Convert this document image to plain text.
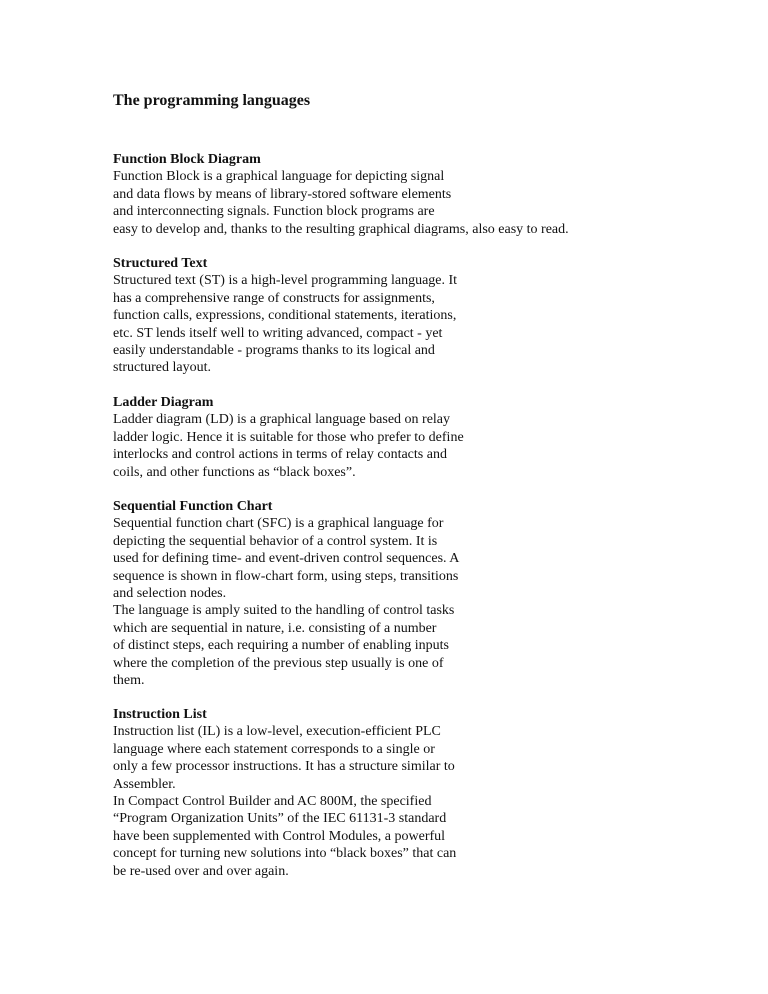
The programming languages

Function Block Diagram

Function Block is a graphical language for depicting signal

and data flows by means of library-stored software elements

and interconnecting signals. Function block programs are

easy to develop and, thanks to the resulting graphical diagrams, also easy to read.

Structured Text

Structured text (ST) is a high-level programming language. It

has a comprehensive range of constructs for assignments,

function calls, expressions, conditional statements, iterations,

etc. ST lends itself well to writing advanced, compact - yet

easily understandable - programs thanks to its logical and

structured layout.

Ladder Diagram

Ladder diagram (LD) is a graphical language based on relay

ladder logic. Hence it is suitable for those who prefer to define

interlocks and control actions in terms of relay contacts and

coils, and other functions as “black boxes”.

Sequential Function Chart

Sequential function chart (SFC) is a graphical language for

depicting the sequential behavior of a control system. It is

used for defining time- and event-driven control sequences. A

sequence is shown in flow-chart form, using steps, transitions

and selection nodes.

The language is amply suited to the handling of control tasks

which are sequential in nature, i.e. consisting of a number

of distinct steps, each requiring a number of enabling inputs

where the completion of the previous step usually is one of

them.

Instruction List

Instruction list (IL) is a low-level, execution-efficient PLC

language where each statement corresponds to a single or

only a few processor instructions. It has a structure similar to

Assembler.

In Compact Control Builder and AC 800M, the specified

“Program Organization Units” of the IEC 61131-3 standard

have been supplemented with Control Modules, a powerful

concept for turning new solutions into “black boxes” that can

be re-used over and over again.
